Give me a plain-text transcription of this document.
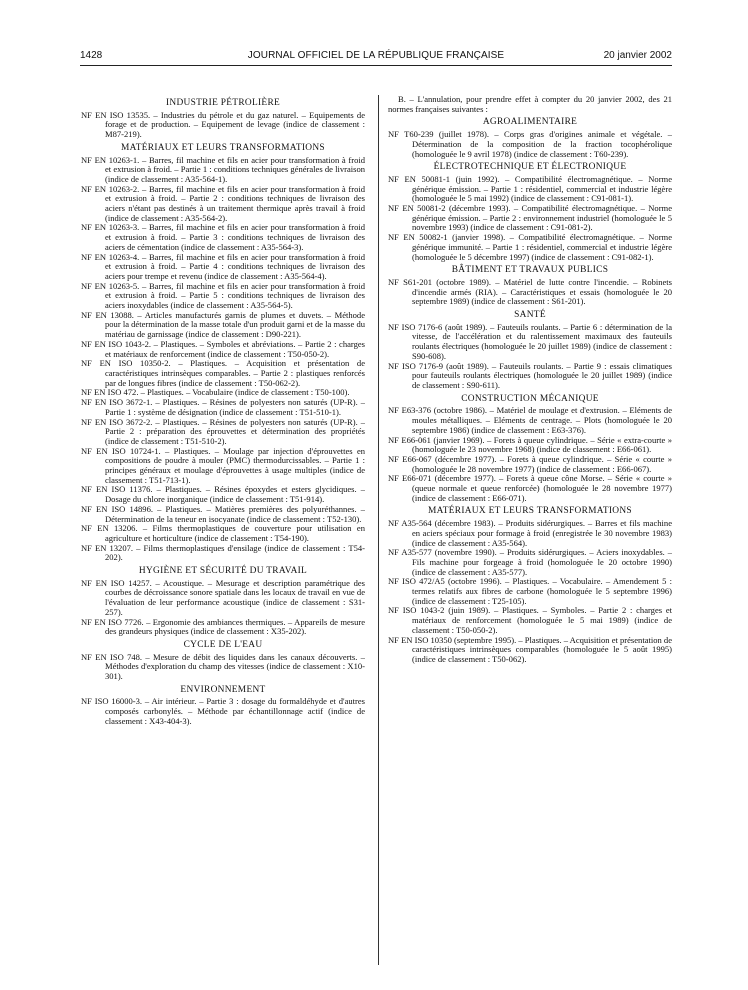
1428	JOURNAL OFFICIEL DE LA RÉPUBLIQUE FRANÇAISE	20 janvier 2002
INDUSTRIE PÉTROLIÈRE

NF EN ISO 13535. – Industries du pétrole et du gaz naturel. – Equipements de forage et de production. – Equipement de levage (indice de classement : M87-219).

MATÉRIAUX ET LEURS TRANSFORMATIONS

NF EN 10263-1. – Barres, fil machine et fils en acier pour transformation à froid et extrusion à froid. – Partie 1 : conditions techniques générales de livraison (indice de classement : A35-564-1).

NF EN 10263-2. – Barres, fil machine et fils en acier pour transformation à froid et extrusion à froid. – Partie 2 : conditions techniques de livraison des aciers n'étant pas destinés à un traitement thermique après travail à froid (indice de classement : A35-564-2).

NF EN 10263-3. – Barres, fil machine et fils en acier pour transformation à froid et extrusion à froid. – Partie 3 : conditions techniques de livraison des aciers de cémentation (indice de classement : A35-564-3).

NF EN 10263-4. – Barres, fil machine et fils en acier pour transformation à froid et extrusion à froid. – Partie 4 : conditions techniques de livraison des aciers pour trempe et revenu (indice de classement : A35-564-4).

NF EN 10263-5. – Barres, fil machine et fils en acier pour transformation à froid et extrusion à froid. – Partie 5 : conditions techniques de livraison des aciers inoxydables (indice de classement : A35-564-5).

NF EN 13088. – Articles manufacturés garnis de plumes et duvets. – Méthode pour la détermination de la masse totale d'un produit garni et de la masse du matériau de garnissage (indice de classement : D90-221).

NF EN ISO 1043-2. – Plastiques. – Symboles et abréviations. – Partie 2 : charges et matériaux de renforcement (indice de classement : T50-050-2).

NF EN ISO 10350-2. – Plastiques. – Acquisition et présentation de caractéristiques intrinsèques comparables. – Partie 2 : plastiques renforcés par de longues fibres (indice de classement : T50-062-2).

NF EN ISO 472. – Plastiques. – Vocabulaire (indice de classement : T50-100).

NF EN ISO 3672-1. – Plastiques. – Résines de polyesters non saturés (UP-R). – Partie 1 : système de désignation (indice de classement : T51-510-1).

NF EN ISO 3672-2. – Plastiques. – Résines de polyesters non saturés (UP-R). – Partie 2 : préparation des éprouvettes et détermination des propriétés (indice de classement : T51-510-2).

NF EN ISO 10724-1. – Plastiques. – Moulage par injection d'éprouvettes en compositions de poudre à mouler (PMC) thermodurcissables. – Partie 1 : principes généraux et moulage d'éprouvettes à usage multiples (indice de classement : T51-713-1).

NF EN ISO 11376. – Plastiques. – Résines époxydes et esters glycidiques. – Dosage du chlore inorganique (indice de classement : T51-914).

NF EN ISO 14896. – Plastiques. – Matières premières des polyuréthannes. – Détermination de la teneur en isocyanate (indice de classement : T52-130).

NF EN 13206. – Films thermoplastiques de couverture pour utilisation en agriculture et horticulture (indice de classement : T54-190).

NF EN 13207. – Films thermoplastiques d'ensilage (indice de classement : T54-202).

HYGIÈNE ET SÉCURITÉ DU TRAVAIL

NF EN ISO 14257. – Acoustique. – Mesurage et description paramétrique des courbes de décroissance sonore spatiale dans les locaux de travail en vue de l'évaluation de leur performance acoustique (indice de classement : S31-257).

NF EN ISO 7726. – Ergonomie des ambiances thermiques. – Appareils de mesure des grandeurs physiques (indice de classement : X35-202).

CYCLE DE L'EAU

NF EN ISO 748. – Mesure de débit des liquides dans les canaux découverts. – Méthodes d'exploration du champ des vitesses (indice de classement : X10-301).

ENVIRONNEMENT

NF ISO 16000-3. – Air intérieur. – Partie 3 : dosage du formaldéhyde et d'autres composés carbonylés. – Méthode par échantillonnage actif (indice de classement : X43-404-3).

B. – L'annulation, pour prendre effet à compter du 20 janvier 2002, des 21 normes françaises suivantes :

AGROALIMENTAIRE

NF T60-239 (juillet 1978). – Corps gras d'origines animale et végétale. – Détermination de la composition de la fraction tocophérolique (homologuée le 9 avril 1978) (indice de classement : T60-239).

ÉLECTROTECHNIQUE ET ÉLECTRONIQUE

NF EN 50081-1 (juin 1992). – Compatibilité électromagnétique. – Norme générique émission. – Partie 1 : résidentiel, commercial et industrie légère (homologuée le 5 mai 1992) (indice de classement : C91-081-1).

NF EN 50081-2 (décembre 1993). – Compatibilité électromagnétique. – Norme générique émission. – Partie 2 : environnement industriel (homologuée le 5 novembre 1993) (indice de classement : C91-081-2).

NF EN 50082-1 (janvier 1998). – Compatibilité électromagnétique. – Norme générique immunité. – Partie 1 : résidentiel, commercial et industrie légère (homologuée le 5 décembre 1997) (indice de classement : C91-082-1).

BÂTIMENT ET TRAVAUX PUBLICS

NF S61-201 (octobre 1989). – Matériel de lutte contre l'incendie. – Robinets d'incendie armés (RIA). – Caractéristiques et essais (homologuée le 20 septembre 1989) (indice de classement : S61-201).

SANTÉ

NF ISO 7176-6 (août 1989). – Fauteuils roulants. – Partie 6 : détermination de la vitesse, de l'accélération et du ralentissement maximaux des fauteuils roulants électriques (homologuée le 20 juillet 1989) (indice de classement : S90-608).

NF ISO 7176-9 (août 1989). – Fauteuils roulants. – Partie 9 : essais climatiques pour fauteuils roulants électriques (homologuée le 20 juillet 1989) (indice de classement : S90-611).

CONSTRUCTION MÉCANIQUE

NF E63-376 (octobre 1986). – Matériel de moulage et d'extrusion. – Eléments de moules métalliques. – Eléments de centrage. – Plots (homologuée le 20 septembre 1986) (indice de classement : E63-376).

NF E66-061 (janvier 1969). – Forets à queue cylindrique. – Série « extra-courte » (homologuée le 23 novembre 1968) (indice de classement : E66-061).

NF E66-067 (décembre 1977). – Forets à queue cylindrique. – Série « courte » (homologuée le 28 novembre 1977) (indice de classement : E66-067).

NF E66-071 (décembre 1977). – Forets à queue cône Morse. – Série « courte » (queue normale et queue renforcée) (homologuée le 28 novembre 1977) (indice de classement : E66-071).

MATÉRIAUX ET LEURS TRANSFORMATIONS

NF A35-564 (décembre 1983). – Produits sidérurgiques. – Barres et fils machine en aciers spéciaux pour formage à froid (enregistrée le 30 novembre 1983) (indice de classement : A35-564).

NF A35-577 (novembre 1990). – Produits sidérurgiques. – Aciers inoxydables. – Fils machine pour forgeage à froid (homologuée le 20 octobre 1990) (indice de classement : A35-577).

NF ISO 472/A5 (octobre 1996). – Plastiques. – Vocabulaire. – Amendement 5 : termes relatifs aux fibres de carbone (homologuée le 5 septembre 1996) (indice de classement : T25-105).

NF ISO 1043-2 (juin 1989). – Plastiques. – Symboles. – Partie 2 : charges et matériaux de renforcement (homologuée le 5 mai 1989) (indice de classement : T50-050-2).

NF EN ISO 10350 (septembre 1995). – Plastiques. – Acquisition et présentation de caractéristiques intrinsèques comparables (homologuée le 5 août 1995) (indice de classement : T50-062).
